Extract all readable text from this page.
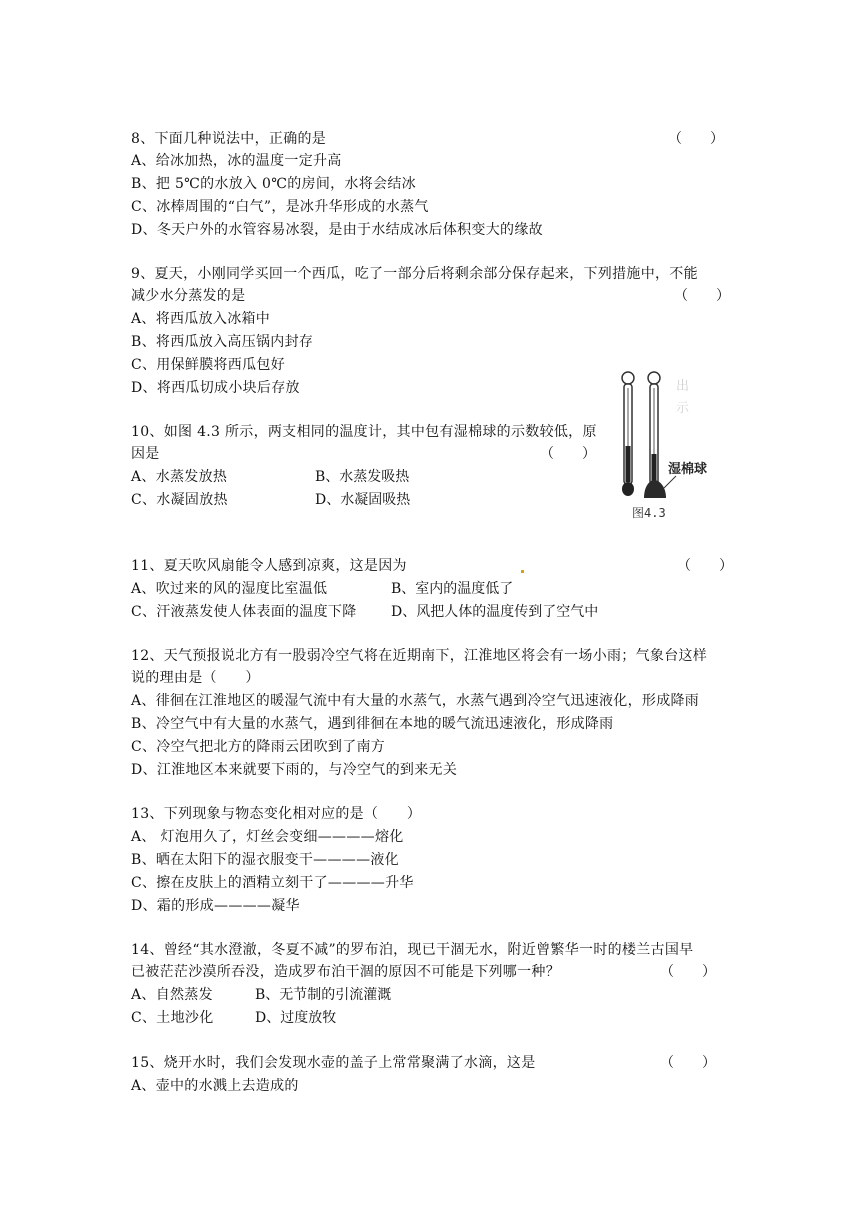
8、下面几种说法中，正确的是	（　　）
A、给冰加热，冰的温度一定升高
B、把 5℃的水放入 0℃的房间，水将会结冰
C、冰棒周围的“白气”，是冰升华形成的水蒸气
D、冬天户外的水管容易冰裂，是由于水结成冰后体积变大的缘故
9、夏天，小刚同学买回一个西瓜，吃了一部分后将剩余部分保存起来，下列措施中，不能
减少水分蒸发的是	（　　）
A、将西瓜放入冰箱中
B、将西瓜放入高压锅内封存
C、用保鲜膜将西瓜包好
D、将西瓜切成小块后存放
10、如图 4.3 所示，两支相同的温度计，其中包有湿棉球的示数较低，原
因是	（　　）
A、水蒸发放热	B、水蒸发吸热
C、水凝固放热	D、水凝固吸热
出
示
湿棉球
图4.3
11、夏天吹风扇能令人感到凉爽，这是因为	（　　）
A、吹过来的风的湿度比室温低	B、室内的温度低了
C、汗液蒸发使人体表面的温度下降 D、风把人体的温度传到了空气中
12、天气预报说北方有一股弱冷空气将在近期南下，江淮地区将会有一场小雨；气象台这样
说的理由是（　　）
A、徘徊在江淮地区的暖湿气流中有大量的水蒸气，水蒸气遇到冷空气迅速液化，形成降雨
B、冷空气中有大量的水蒸气，遇到徘徊在本地的暖气流迅速液化，形成降雨
C、冷空气把北方的降雨云团吹到了南方
D、江淮地区本来就要下雨的，与冷空气的到来无关
13、下列现象与物态变化相对应的是（　　）
A、 灯泡用久了，灯丝会变细————熔化
B、晒在太阳下的湿衣服变干————液化
C、擦在皮肤上的酒精立刻干了————升华
D、霜的形成————凝华
14、曾经“其水澄澈，冬夏不减”的罗布泊，现已干涸无水，附近曾繁华一时的楼兰古国早
已被茫茫沙漠所吞没，造成罗布泊干涸的原因不可能是下列哪一种？	（　　）
A、自然蒸发	B、无节制的引流灌溉
C、土地沙化	D、过度放牧
15、烧开水时，我们会发现水壶的盖子上常常聚满了水滴，这是	（　　）
A、壶中的水溅上去造成的
